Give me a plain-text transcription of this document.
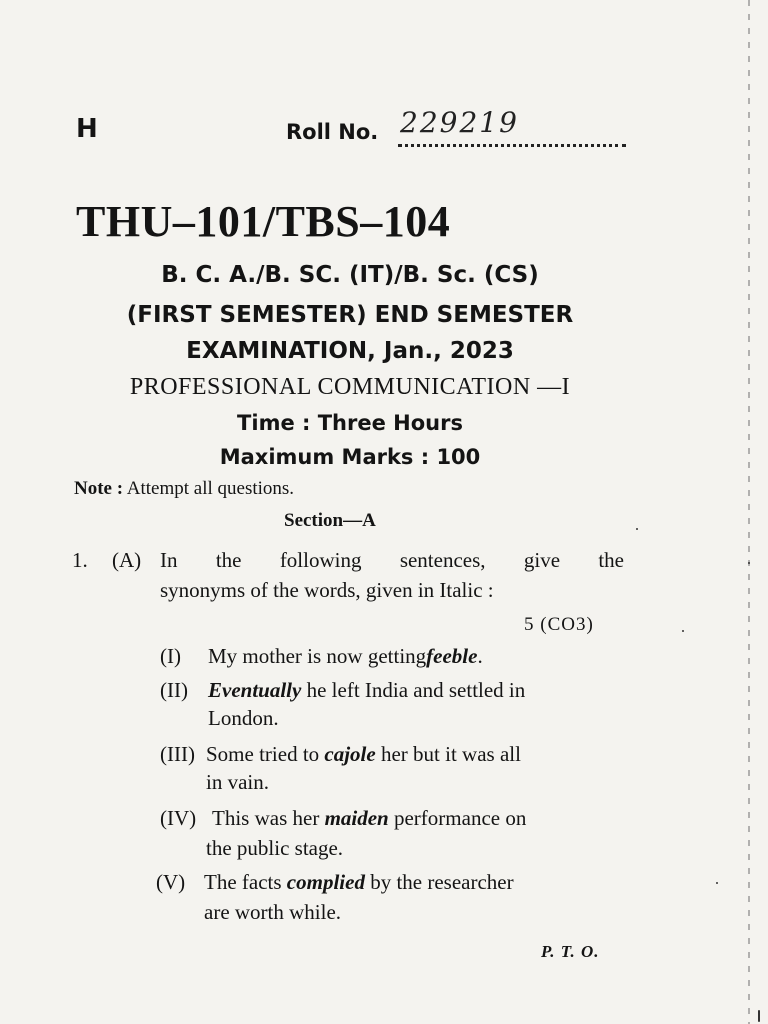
H	Roll No. 229219
THU–101/TBS–104
B. C. A./B. SC. (IT)/B. Sc. (CS)
(FIRST SEMESTER) END SEMESTER
EXAMINATION, Jan., 2023
PROFESSIONAL COMMUNICATION —I
Time : Three Hours
Maximum Marks : 100
Note : Attempt all questions.
Section—A
1. (A) In the following sentences, give the
synonyms of the words, given in Italic :
5 (CO3)
(I) My mother is now gettingfeeble.
(II) Eventually he left India and settled in
London.
(III) Some tried to cajole her but it was all
in vain.
(IV) This was her maiden performance on
the public stage.
(V) The facts complied by the researcher
are worth while.
P. T. O.
